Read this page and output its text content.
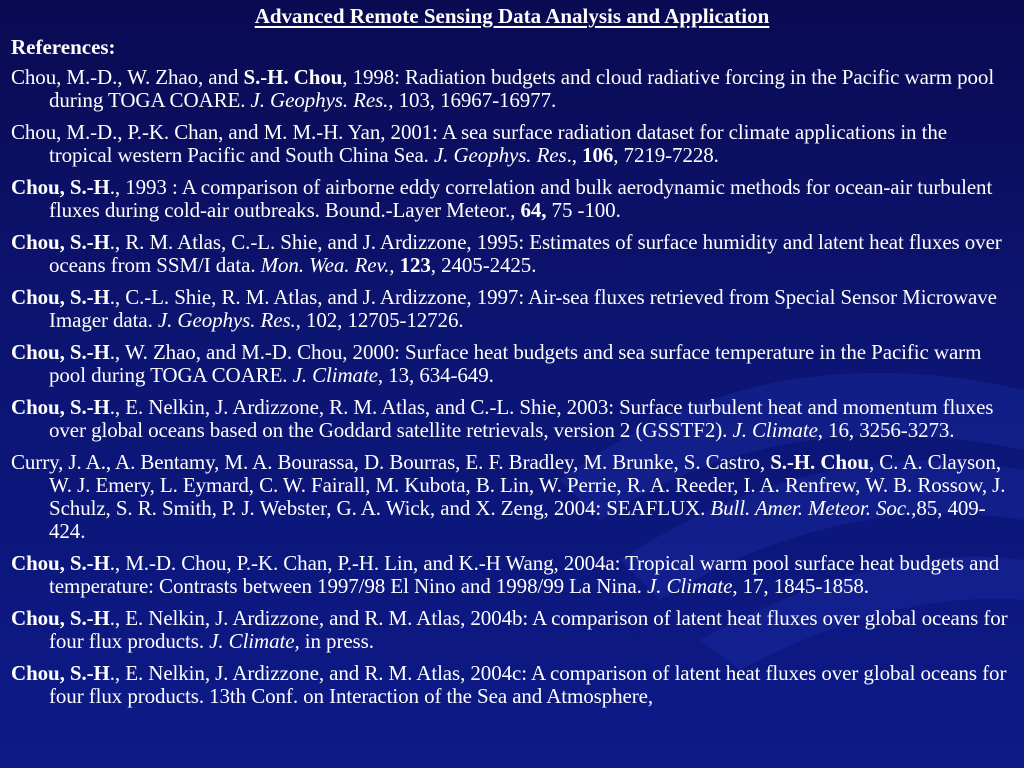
Advanced Remote Sensing Data Analysis and Application
References:
Chou, M.-D., W. Zhao, and S.-H. Chou, 1998: Radiation budgets and cloud radiative forcing in the Pacific warm pool during TOGA COARE. J. Geophys. Res., 103, 16967-16977.
Chou, M.-D., P.-K. Chan, and M. M.-H. Yan, 2001: A sea surface radiation dataset for climate applications in the tropical western Pacific and South China Sea. J. Geophys. Res., 106, 7219-7228.
Chou, S.-H., 1993 : A comparison of airborne eddy correlation and bulk aerodynamic methods for ocean-air turbulent fluxes during cold-air outbreaks. Bound.-Layer Meteor., 64, 75 -100.
Chou, S.-H., R. M. Atlas, C.-L. Shie, and J. Ardizzone, 1995: Estimates of surface humidity and latent heat fluxes over oceans from SSM/I data. Mon. Wea. Rev., 123, 2405-2425.
Chou, S.-H., C.-L. Shie, R. M. Atlas, and J. Ardizzone, 1997: Air-sea fluxes retrieved from Special Sensor Microwave Imager data. J. Geophys. Res., 102, 12705-12726.
Chou, S.-H., W. Zhao, and M.-D. Chou, 2000: Surface heat budgets and sea surface temperature in the Pacific warm pool during TOGA COARE. J. Climate, 13, 634-649.
Chou, S.-H., E. Nelkin, J. Ardizzone, R. M. Atlas, and C.-L. Shie, 2003: Surface turbulent heat and momentum fluxes over global oceans based on the Goddard satellite retrievals, version 2 (GSSTF2). J. Climate, 16, 3256-3273.
Curry, J. A., A. Bentamy, M. A. Bourassa, D. Bourras, E. F. Bradley, M. Brunke, S. Castro, S.-H. Chou, C. A. Clayson, W. J. Emery, L. Eymard, C. W. Fairall, M. Kubota, B. Lin, W. Perrie, R. A. Reeder, I. A. Renfrew, W. B. Rossow, J. Schulz, S. R. Smith, P. J. Webster, G. A. Wick, and X. Zeng, 2004: SEAFLUX. Bull. Amer. Meteor. Soc.,85, 409-424.
Chou, S.-H., M.-D. Chou, P.-K. Chan, P.-H. Lin, and K.-H Wang, 2004a: Tropical warm pool surface heat budgets and temperature: Contrasts between 1997/98 El Nino and 1998/99 La Nina. J. Climate, 17, 1845-1858.
Chou, S.-H., E. Nelkin, J. Ardizzone, and R. M. Atlas, 2004b: A comparison of latent heat fluxes over global oceans for four flux products. J. Climate, in press.
Chou, S.-H., E. Nelkin, J. Ardizzone, and R. M. Atlas, 2004c: A comparison of latent heat fluxes over global oceans for four flux products. 13th Conf. on Interaction of the Sea and Atmosphere,
